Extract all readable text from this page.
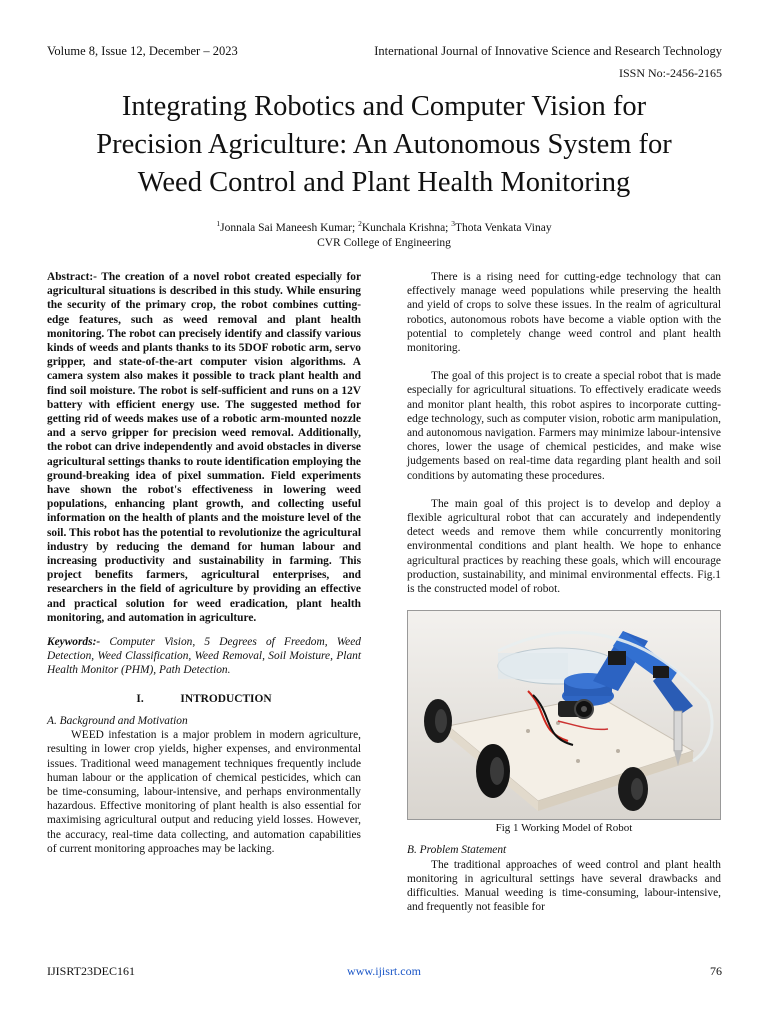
Volume 8, Issue 12, December – 2023	International Journal of Innovative Science and Research Technology
ISSN No:-2456-2165
Integrating Robotics and Computer Vision for
Precision Agriculture: An Autonomous System for
Weed Control and Plant Health Monitoring
$^1$Jonnala Sai Maneesh Kumar; $^2$Kunchala Krishna; $^3$Thota Venkata Vinay
CVR College of Engineering

Abstract:- The creation of a novel robot created especially for agricultural situations is described in this study. While ensuring the security of the primary crop, the robot combines cutting-edge features, such as weed removal and plant health monitoring. The robot can precisely identify and classify various kinds of weeds and plants thanks to its 5DOF robotic arm, servo gripper, and state-of-the-art computer vision algorithms. A camera system also makes it possible to track plant health and find soil moisture. The robot is self-sufficient and runs on a 12V battery with efficient energy use. The suggested method for getting rid of weeds makes use of a robotic arm-mounted nozzle and a servo gripper for precision weed removal. Additionally, the robot can drive independently and avoid obstacles in diverse agricultural settings thanks to route identification employing the ground-breaking idea of pixel summation. Field experiments have shown the robot's effectiveness in lowering weed populations, enhancing plant growth, and collecting useful information on the health of plants and the moisture level of the soil. This robot has the potential to revolutionize the agricultural industry by reducing the demand for human labour and increasing productivity and sustainability in farming. This project benefits farmers, agricultural enterprises, and researchers in the field of agriculture by providing an effective and practical solution for weed eradication, plant health monitoring, and automation in agriculture.

Keywords:- Computer Vision, 5 Degrees of Freedom, Weed Detection, Weed Classification, Weed Removal, Soil Moisture, Plant Health Monitor (PHM), Path Detection.

I.	INTRODUCTION
A. Background and Motivation

WEED infestation is a major problem in modern agriculture, resulting in lower crop yields, higher expenses, and environmental issues. Traditional weed management techniques frequently include human labour or the application of chemical pesticides, which can be time-consuming, labour-intensive, and perhaps environmentally hazardous. Effective monitoring of plant health is also essential for maximising agricultural output and reducing yield losses. However, the accuracy, real-time data collecting, and automation capabilities of current monitoring approaches may be lacking.

There is a rising need for cutting-edge technology that can effectively manage weed populations while preserving the health and yield of crops to solve these issues. In the realm of agricultural robotics, autonomous robots have become a viable option with the potential to completely change weed control and plant health monitoring.

The goal of this project is to create a special robot that is made especially for agricultural situations. To effectively eradicate weeds and monitor plant health, this robot aspires to incorporate cutting-edge technology, such as computer vision, robotic arm manipulation, and autonomous navigation. Farmers may minimize labour-intensive chores, lower the usage of chemical pesticides, and make wise judgements based on real-time data regarding plant health and soil conditions by automating these procedures.

The main goal of this project is to develop and deploy a flexible agricultural robot that can accurately and independently detect weeds and remove them while concurrently monitoring environmental conditions and plant health. We hope to enhance agricultural practices by reaching these goals, which will encourage production, sustainability, and minimal environmental effects. Fig.1 is the constructed model of robot.

Fig 1 Working Model of Robot
B. Problem Statement

The traditional approaches of weed control and plant health monitoring in agricultural settings have several drawbacks and difficulties. Manual weeding is time-consuming, labour-intensive, and frequently not feasible for

IJISRT23DEC161	www.ijisrt.com	76
